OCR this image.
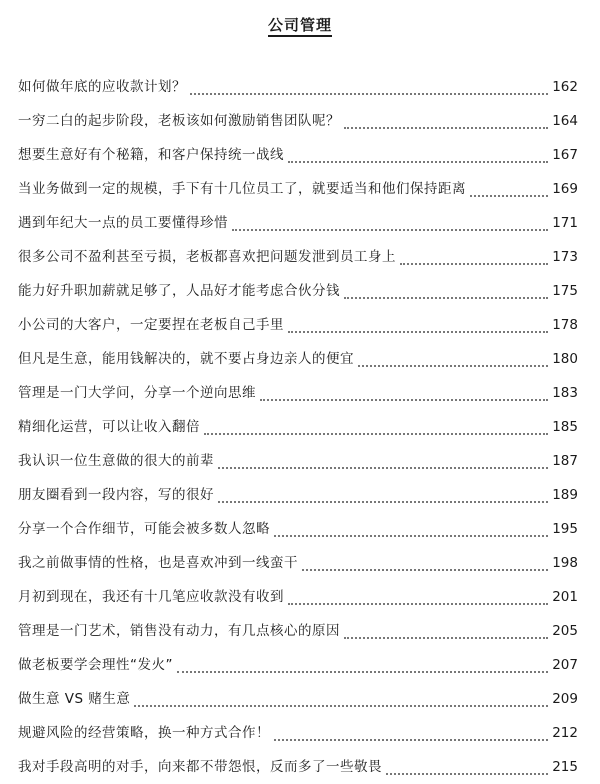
公司管理
如何做年底的应收款计划？	162
一穷二白的起步阶段，老板该如何激励销售团队呢？	164
想要生意好有个秘籍，和客户保持统一战线	167
当业务做到一定的规模，手下有十几位员工了，就要适当和他们保持距离	169
遇到年纪大一点的员工要懂得珍惜	171
很多公司不盈利甚至亏损，老板都喜欢把问题发泄到员工身上	173
能力好升职加薪就足够了，人品好才能考虑合伙分钱	175
小公司的大客户，一定要捏在老板自己手里	178
但凡是生意，能用钱解决的，就不要占身边亲人的便宜	180
管理是一门大学问，分享一个逆向思维	183
精细化运营，可以让收入翻倍	185
我认识一位生意做的很大的前辈	187
朋友圈看到一段内容，写的很好	189
分享一个合作细节，可能会被多数人忽略	195
我之前做事情的性格，也是喜欢冲到一线蛮干	198
月初到现在，我还有十几笔应收款没有收到	201
管理是一门艺术，销售没有动力，有几点核心的原因	205
做老板要学会理性“发火”	207
做生意 VS 赌生意	209
规避风险的经营策略，换一种方式合作！	212
我对手段高明的对手，向来都不带怨恨，反而多了一些敬畏	215
